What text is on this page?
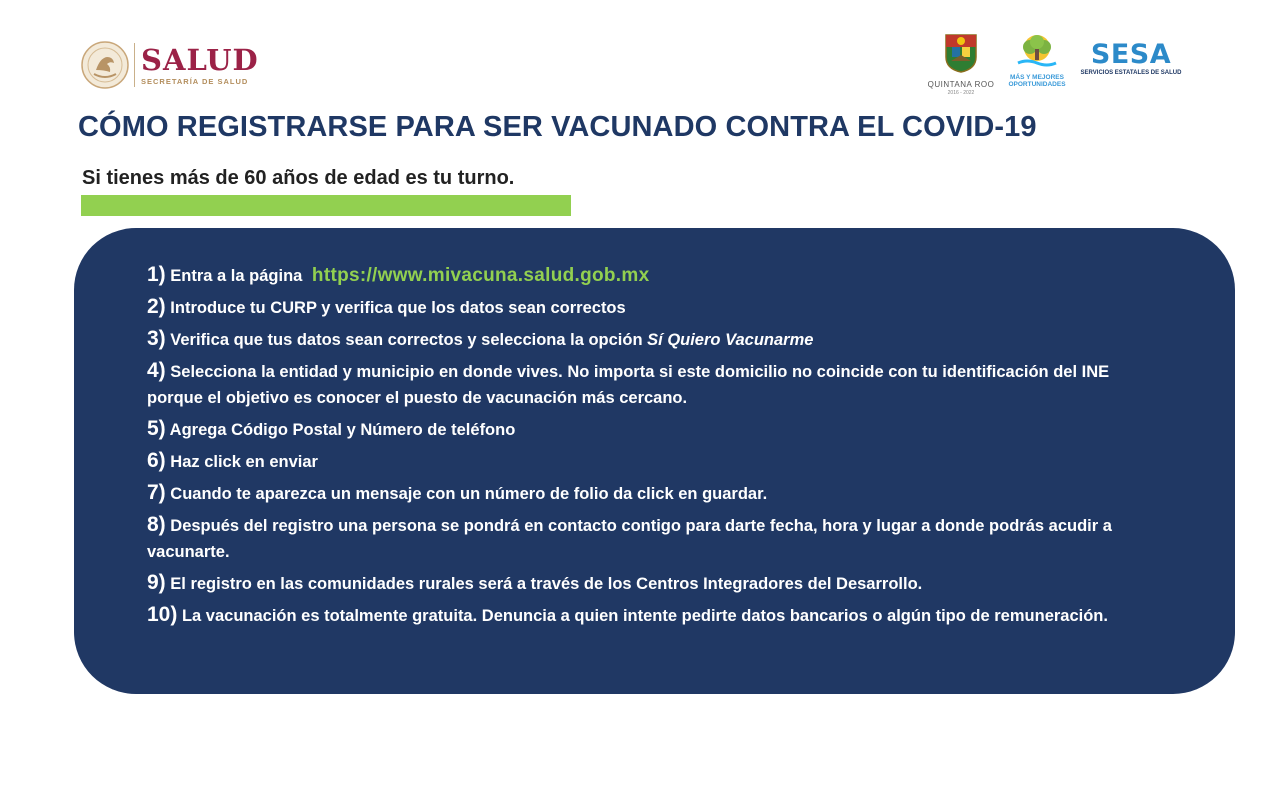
SALUD
SECRETARÍA DE SALUD	QUINTANA ROO
2016 - 2022
MÁS Y MEJORES
OPORTUNIDADES
SESA
SERVICIOS ESTATALES DE SALUD
CÓMO REGISTRARSE PARA SER VACUNADO CONTRA EL COVID-19
Si tienes más de 60 años de edad es tu turno.
1) Entra a la página https://www.mivacuna.salud.gob.mx
2) Introduce tu CURP y verifica que los datos sean correctos
3) Verifica que tus datos sean correctos y selecciona la opción Sí Quiero Vacunarme
4) Selecciona la entidad y municipio en donde vives. No importa si este domicilio no coincide con tu identificación del INE porque el objetivo es conocer el puesto de vacunación más cercano.
5) Agrega Código Postal y Número de teléfono
6) Haz click en enviar
7) Cuando te aparezca un mensaje con un número de folio da click en guardar.
8) Después del registro una persona se pondrá en contacto contigo para darte fecha, hora y lugar a donde podrás acudir a vacunarte.
9) El registro en las comunidades rurales será a través de los Centros Integradores del Desarrollo.
10) La vacunación es totalmente gratuita. Denuncia a quien intente pedirte datos bancarios o algún tipo de remuneración.
